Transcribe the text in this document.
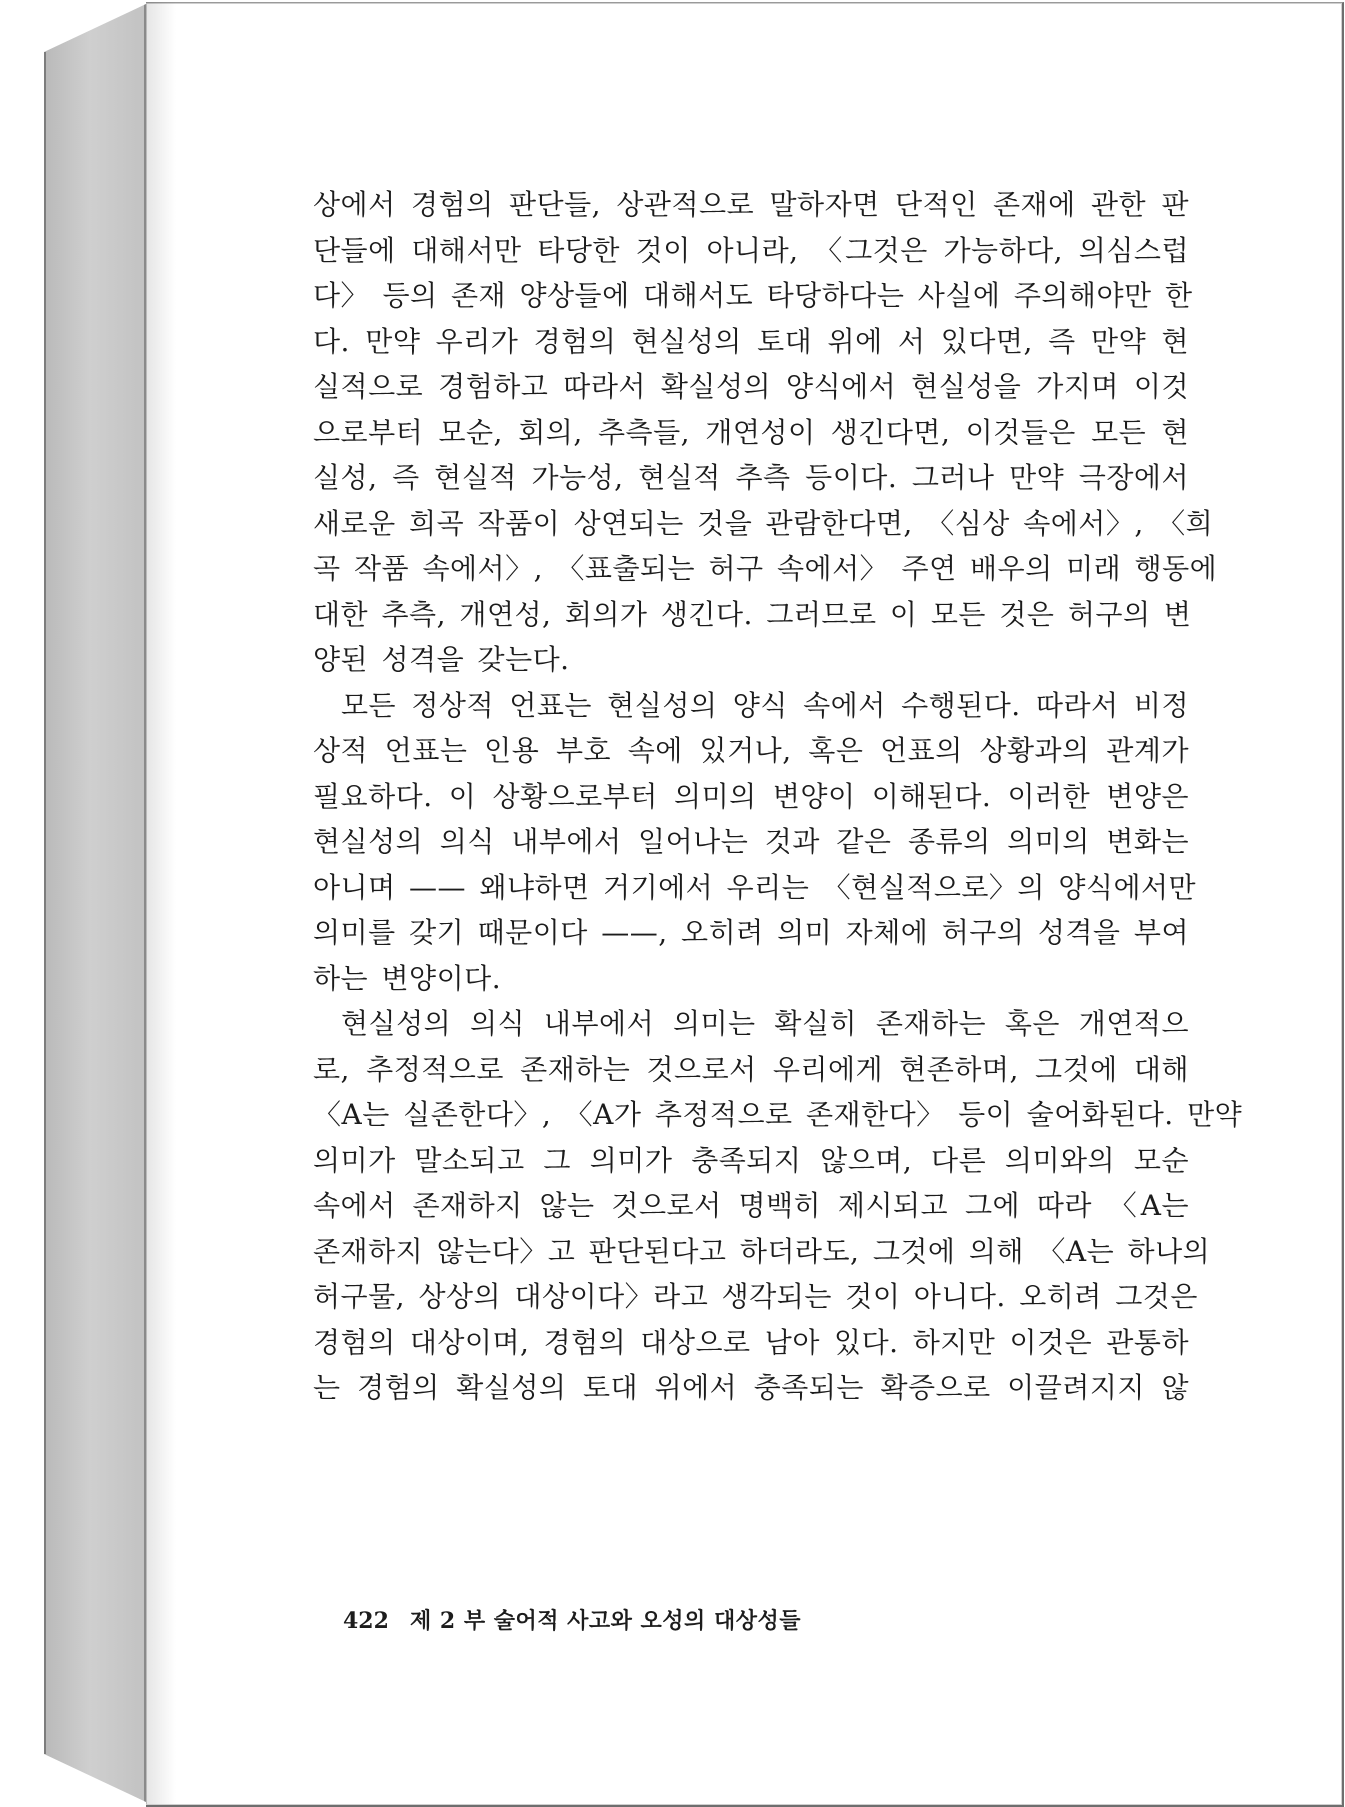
상에서 경험의 판단들, 상관적으로 말하자면 단적인 존재에 관한 판
단들에 대해서만 타당한 것이 아니라, 〈그것은 가능하다, 의심스럽
다〉 등의 존재 양상들에 대해서도 타당하다는 사실에 주의해야만 한
다. 만약 우리가 경험의 현실성의 토대 위에 서 있다면, 즉 만약 현
실적으로 경험하고 따라서 확실성의 양식에서 현실성을 가지며 이것
으로부터 모순, 회의, 추측들, 개연성이 생긴다면, 이것들은 모든 현
실성, 즉 현실적 가능성, 현실적 추측 등이다. 그러나 만약 극장에서
새로운 희곡 작품이 상연되는 것을 관람한다면, 〈심상 속에서〉, 〈희
곡 작품 속에서〉, 〈표출되는 허구 속에서〉 주연 배우의 미래 행동에
대한 추측, 개연성, 회의가 생긴다. 그러므로 이 모든 것은 허구의 변
양된 성격을 갖는다.
모든 정상적 언표는 현실성의 양식 속에서 수행된다. 따라서 비정
상적 언표는 인용 부호 속에 있거나, 혹은 언표의 상황과의 관계가
필요하다. 이 상황으로부터 의미의 변양이 이해된다. 이러한 변양은
현실성의 의식 내부에서 일어나는 것과 같은 종류의 의미의 변화는
아니며 —— 왜냐하면 거기에서 우리는 〈현실적으로〉의 양식에서만
의미를 갖기 때문이다 ——, 오히려 의미 자체에 허구의 성격을 부여
하는 변양이다.
현실성의 의식 내부에서 의미는 확실히 존재하는 혹은 개연적으
로, 추정적으로 존재하는 것으로서 우리에게 현존하며, 그것에 대해
〈A는 실존한다〉, 〈A가 추정적으로 존재한다〉 등이 술어화된다. 만약
의미가 말소되고 그 의미가 충족되지 않으며, 다른 의미와의 모순
속에서 존재하지 않는 것으로서 명백히 제시되고 그에 따라 〈A는
존재하지 않는다〉고 판단된다고 하더라도, 그것에 의해 〈A는 하나의
허구물, 상상의 대상이다〉라고 생각되는 것이 아니다. 오히려 그것은
경험의 대상이며, 경험의 대상으로 남아 있다. 하지만 이것은 관통하
는 경험의 확실성의 토대 위에서 충족되는 확증으로 이끌려지지 않
422 제 2 부 술어적 사고와 오성의 대상성들
